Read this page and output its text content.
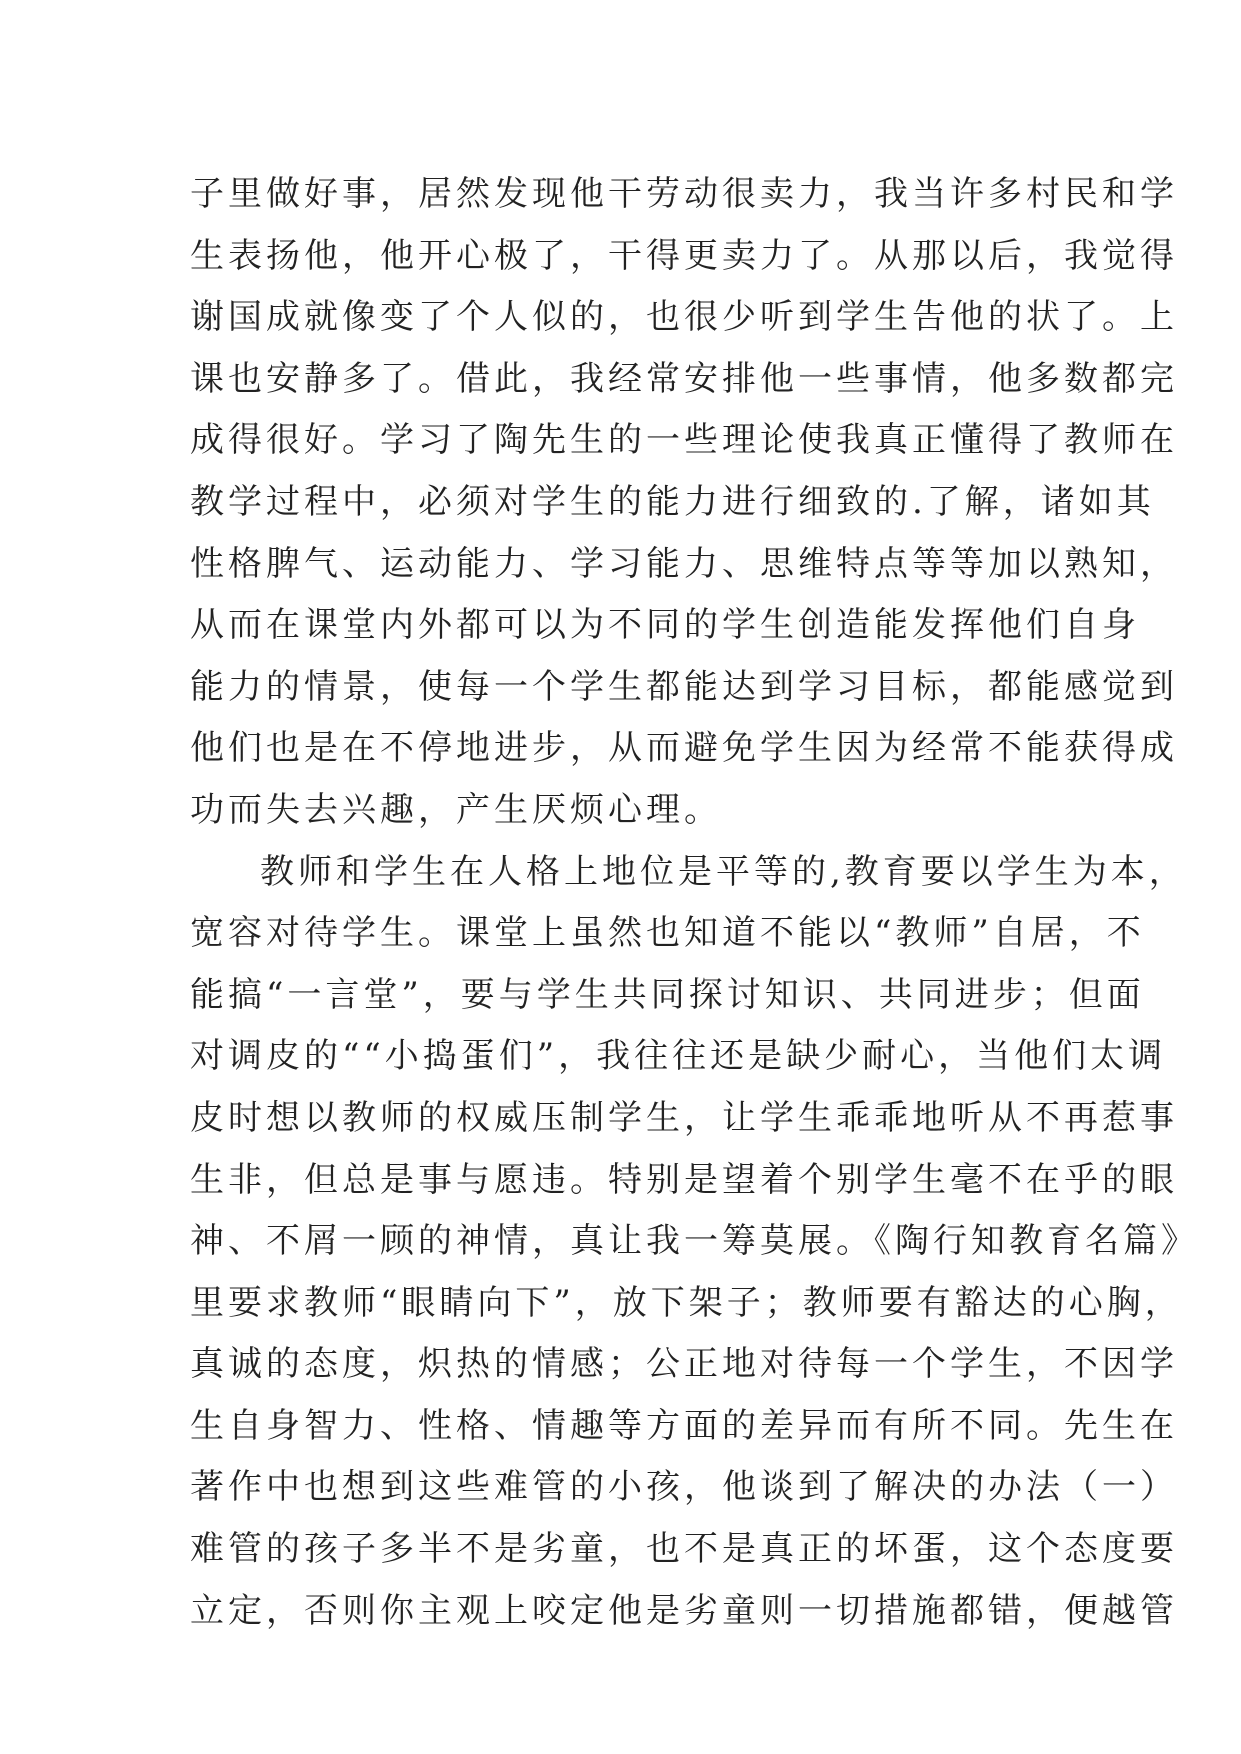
子里做好事，居然发现他干劳动很卖力，我当许多村民和学
生表扬他，他开心极了，干得更卖力了。从那以后，我觉得
谢国成就像变了个人似的，也很少听到学生告他的状了。上
课也安静多了。借此，我经常安排他一些事情，他多数都完
成得很好。学习了陶先生的一些理论使我真正懂得了教师在
教学过程中，必须对学生的能力进行细致的.了解，诸如其
性格脾气、运动能力、学习能力、思维特点等等加以熟知，
从而在课堂内外都可以为不同的学生创造能发挥他们自身
能力的情景，使每一个学生都能达到学习目标，都能感觉到
他们也是在不停地进步，从而避免学生因为经常不能获得成
功而失去兴趣，产生厌烦心理。
教师和学生在人格上地位是平等的,教育要以学生为本，
宽容对待学生。课堂上虽然也知道不能以“教师”自居，不
能搞“一言堂”，要与学生共同探讨知识、共同进步；但面
对调皮的““小捣蛋们”，我往往还是缺少耐心，当他们太调
皮时想以教师的权威压制学生，让学生乖乖地听从不再惹事
生非，但总是事与愿违。特别是望着个别学生毫不在乎的眼
神、不屑一顾的神情，真让我一筹莫展。《陶行知教育名篇》
里要求教师“眼睛向下”，放下架子；教师要有豁达的心胸，
真诚的态度，炽热的情感；公正地对待每一个学生，不因学
生自身智力、性格、情趣等方面的差异而有所不同。先生在
著作中也想到这些难管的小孩，他谈到了解决的办法（一）
难管的孩子多半不是劣童，也不是真正的坏蛋，这个态度要
立定，否则你主观上咬定他是劣童则一切措施都错，便越管
